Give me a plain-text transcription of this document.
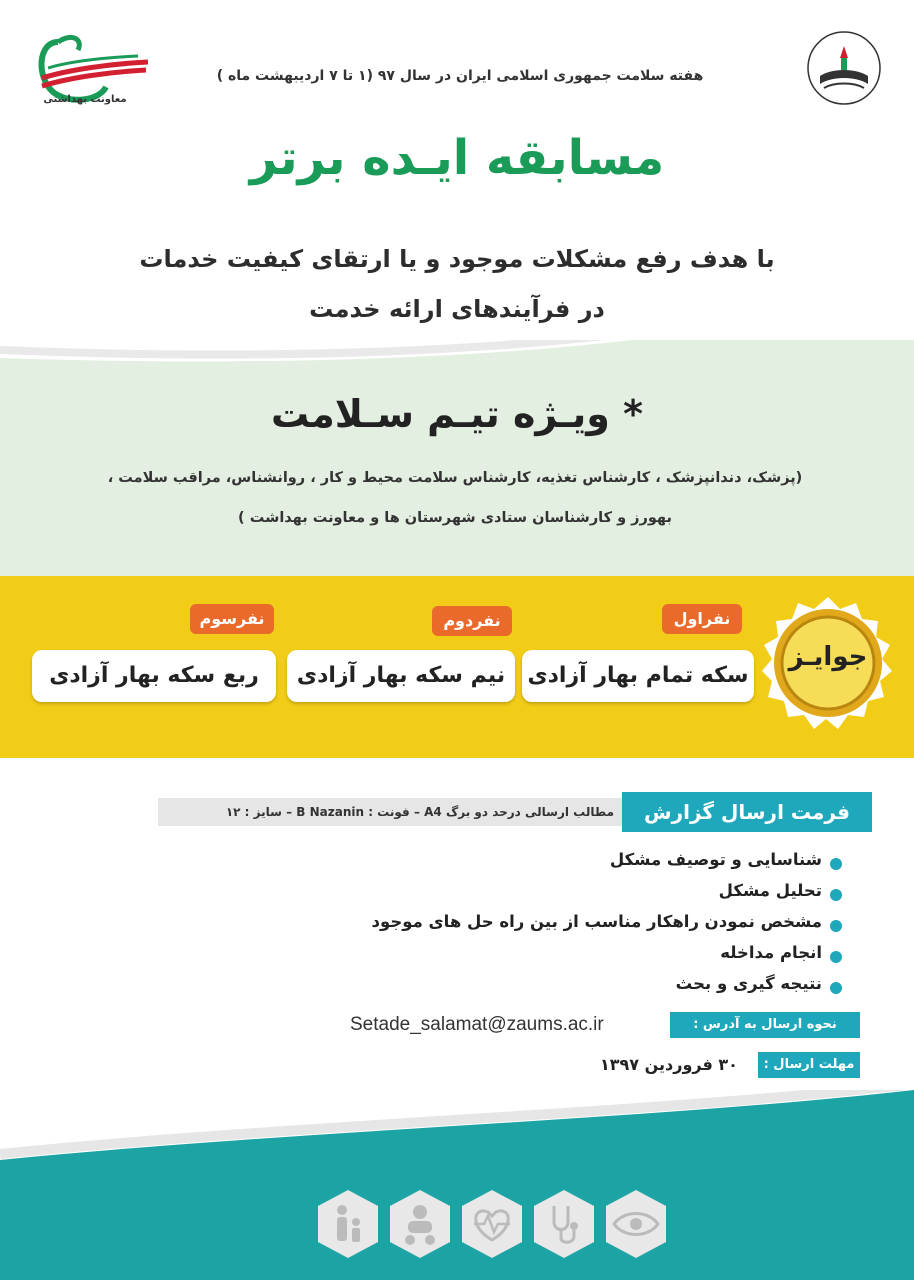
معاونت بهداشتی
هفته سلامت جمهوری اسلامی ایران در سال ۹۷ (۱ تا ۷ اردیبهشت ماه )
مسابقه ایـده برتر
با هدف رفع مشکلات موجود و یا ارتقای کیفیت خدمات
در فرآیندهای ارائه خدمت
* ویـژه تیـم سـلامت
(پزشک، دندانپزشک ، کارشناس تغذیه، کارشناس سلامت محیط و کار ، روانشناس، مراقب سلامت ،
بهورز و کارشناسان ستادی شهرستان ها و معاونت بهداشت )
جوایـز
نفراول
سکه تمام بهار آزادی
نفردوم
نیم سکه بهار آزادی
نفرسوم
ربع سکه بهار آزادی
مطالب ارسالی درحد دو برگ A4 – فونت : B Nazanin – سایز : ۱۲	فرمت ارسال گزارش
شناسایی و توصیف مشکل
تحلیل مشکل
مشخص نمودن راهکار مناسب از بین راه حل های موجود
انجام مداخله
نتیجه گیری و بحث
نحوه ارسال به آدرس :
Setade_salamat@zaums.ac.ir
مهلت ارسال :
۳۰ فروردین ۱۳۹۷
